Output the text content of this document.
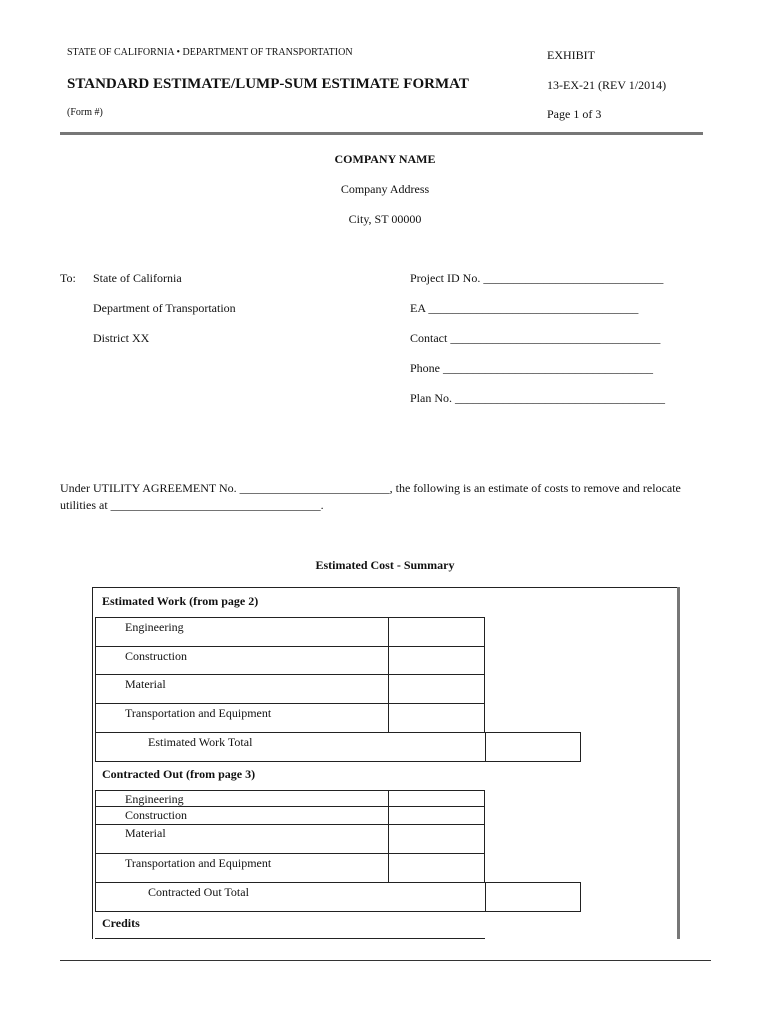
STATE OF CALIFORNIA • DEPARTMENT OF TRANSPORTATION
STANDARD ESTIMATE/LUMP-SUM ESTIMATE FORMAT
(Form #)
EXHIBIT
13-EX-21 (REV 1/2014)
Page 1 of 3
COMPANY NAME
Company Address
City, ST 00000
To: State of California
Department of Transportation
District XX
Project ID No. ______________________________
EA ___________________________________
Contact ___________________________________
Phone ___________________________________
Plan No. ___________________________________
Under UTILITY AGREEMENT No. _________________________, the following is an estimate of costs to remove and relocate
utilities at ___________________________________.
Estimated Cost - Summary
Estimated Work (from page 2)
Engineering
Construction
Material
Transportation and Equipment
Estimated Work Total
Contracted Out (from page 3)
Engineering
Construction
Material
Transportation and Equipment
Contracted Out Total
Credits
